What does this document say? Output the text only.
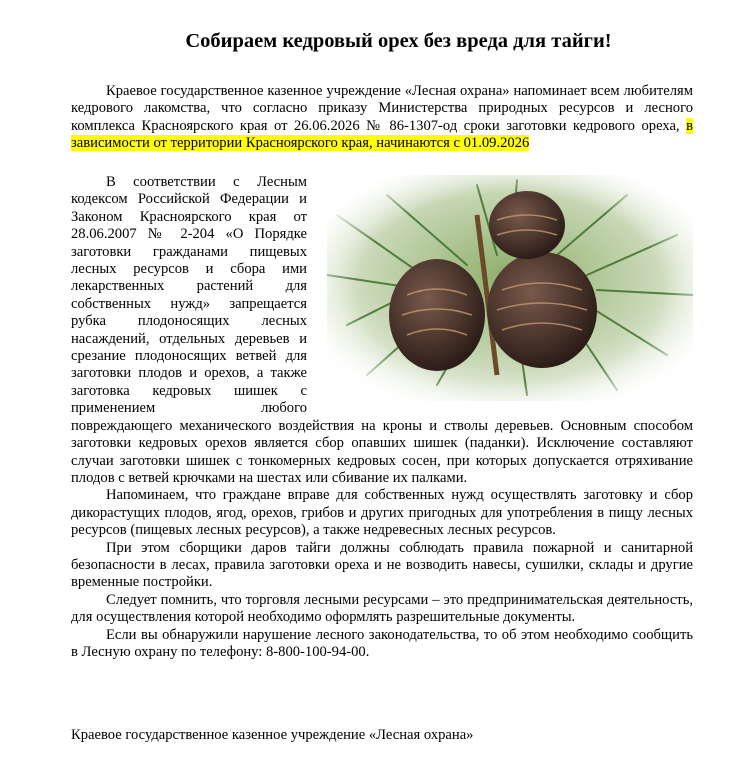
Собираем кедровый орех без вреда для тайги!

Краевое государственное казенное учреждение «Лесная охрана» напоминает всем любителям кедрового лакомства, что согласно приказу Министерства природных ресурсов и лесного комплекса Красноярского края от 26.06.2026 № 86-1307-од сроки заготовки кедрового ореха, в зависимости от территории Красноярского края, начинаются с 01.09.2026

В соответствии с Лесным кодексом Российской Федерации и Законом Красноярского края от 28.06.2007 № 2-204 «О Порядке заготовки гражданами пищевых лесных ресурсов и сбора ими лекарственных растений для собственных нужд» запрещается рубка плодоносящих лесных насаждений, отдельных деревьев и срезание плодоносящих ветвей для заготовки плодов и орехов, а также заготовка кедровых шишек с применением любого повреждающего механического воздействия на кроны и стволы деревьев. Основным способом заготовки кедровых орехов является сбор опавших шишек (паданки). Исключение составляют случаи заготовки шишек с тонкомерных кедровых сосен, при которых допускается отряхивание плодов с ветвей крючками на шестах или сбивание их палками.

Напоминаем, что граждане вправе для собственных нужд осуществлять заготовку и сбор дикорастущих плодов, ягод, орехов, грибов и других пригодных для употребления в пищу лесных ресурсов (пищевых лесных ресурсов), а также недревесных лесных ресурсов.

При этом сборщики даров тайги должны соблюдать правила пожарной и санитарной безопасности в лесах, правила заготовки ореха и не возводить навесы, сушилки, склады и другие временные постройки.

Следует помнить, что торговля лесными ресурсами – это предпринимательская деятельность, для осуществления которой необходимо оформлять разрешительные документы.

Если вы обнаружили нарушение лесного законодательства, то об этом необходимо сообщить в Лесную охрану по телефону: 8-800-100-94-00.

Краевое государственное казенное учреждение «Лесная охрана»
